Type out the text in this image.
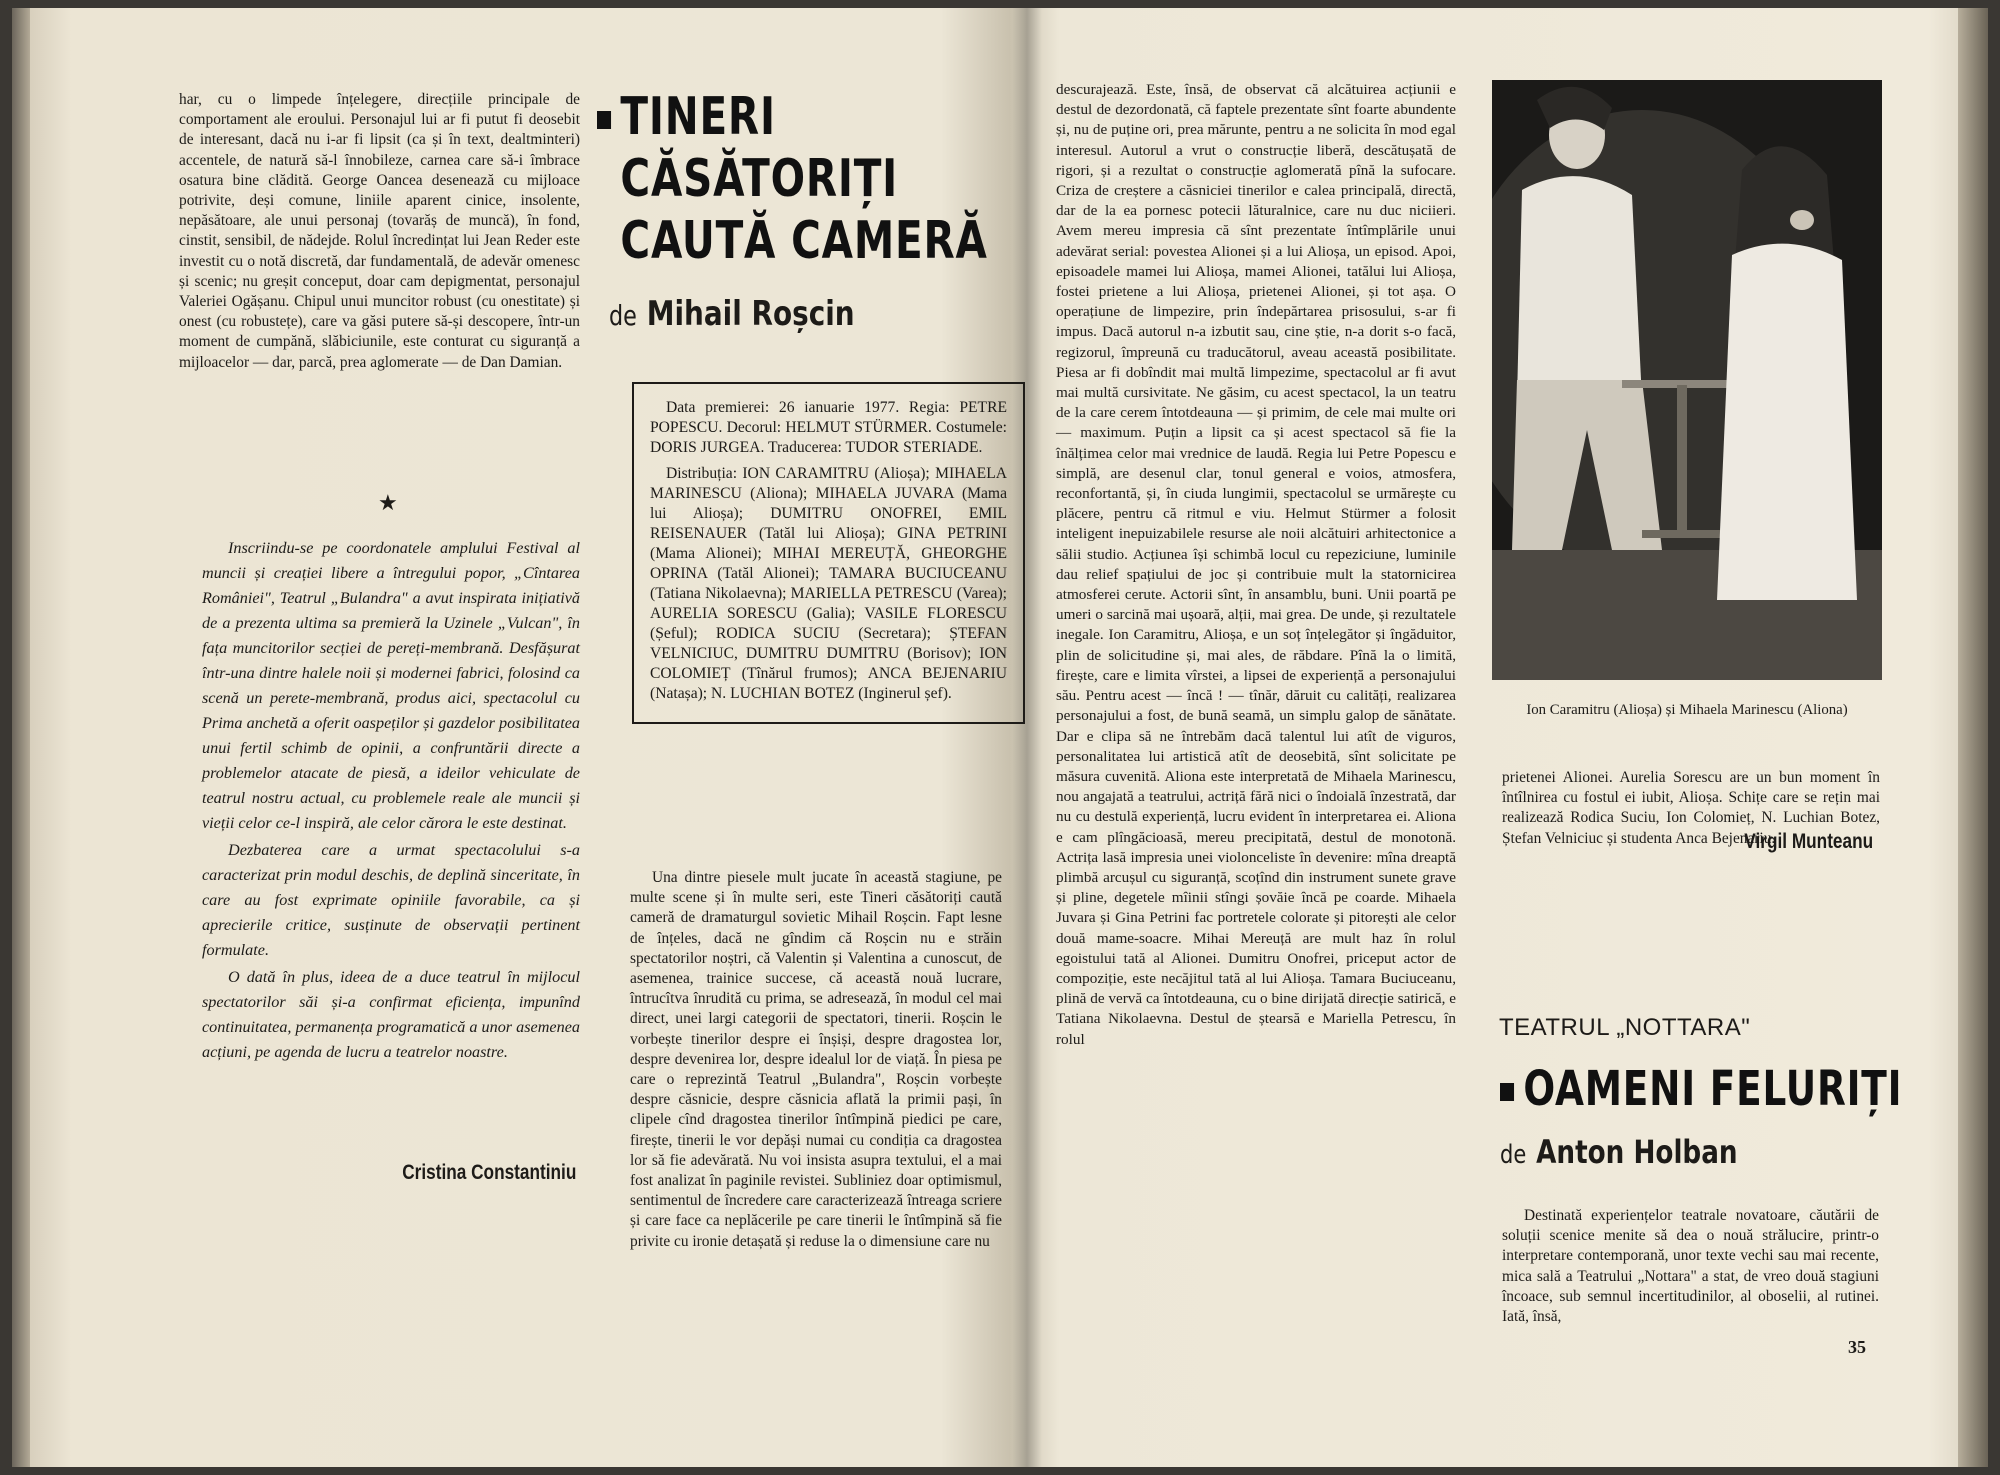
har, cu o limpede înțelegere, direcțiile principale de comportament ale eroului. Personajul lui ar fi putut fi deosebit de interesant, dacă nu i-ar fi lipsit (ca și în text, dealtminteri) accentele, de natură să-l înnobileze, carnea care să-i îmbrace osatura bine clădită. George Oancea desenează cu mijloace potrivite, deși comune, liniile aparent cinice, insolente, nepăsătoare, ale unui personaj (tovarăș de muncă), în fond, cinstit, sensibil, de nădejde. Rolul încredințat lui Jean Reder este investit cu o notă discretă, dar fundamentală, de adevăr omenesc și scenic; nu greșit conceput, doar cam depigmentat, personajul Valeriei Ogășanu. Chipul unui muncitor robust (cu onestitate) și onest (cu robustețe), care va găsi putere să-și descopere, într-un moment de cumpănă, slăbiciunile, este conturat cu siguranță a mijloacelor — dar, parcă, prea aglomerate — de Dan Damian.

★

Inscriindu-se pe coordonatele amplului Festival al muncii și creației libere a întregului popor, „Cîntarea României", Teatrul „Bulandra" a avut inspirata inițiativă de a prezenta ultima sa premieră la Uzinele „Vulcan", în fața muncitorilor secției de pereți-membrană. Desfășurat într-una dintre halele noii și modernei fabrici, folosind ca scenă un perete-membrană, produs aici, spectacolul cu Prima anchetă a oferit oaspeților și gazdelor posibilitatea unui fertil schimb de opinii, a confruntării directe a problemelor atacate de piesă, a ideilor vehiculate de teatrul nostru actual, cu problemele reale ale muncii și vieții celor ce-l inspiră, ale celor cărora le este destinat.

Dezbaterea care a urmat spectacolului s-a caracterizat prin modul deschis, de deplină sinceritate, în care au fost exprimate opiniile favorabile, ca și aprecierile critice, susținute de observații pertinent formulate.

O dată în plus, ideea de a duce teatrul în mijlocul spectatorilor săi și-a confirmat eficiența, impunînd continuitatea, permanența programatică a unor asemenea acțiuni, pe agenda de lucru a teatrelor noastre.

Cristina Constantiniu
TINERI
CĂSĂTORIȚI
CAUTĂ CAMERĂ
de Mihail Roșcin

Data premierei: 26 ianuarie 1977. Regia: PETRE POPESCU. Decorul: HELMUT STÜRMER. Costumele: DORIS JURGEA. Traducerea: TUDOR STERIADE.

Distribuția: ION CARAMITRU (Alioșa); MIHAELA MARINESCU (Aliona); MIHAELA JUVARA (Mama lui Alioșa); DUMITRU ONOFREI, EMIL REISENAUER (Tatăl lui Alioșa); GINA PETRINI (Mama Alionei); MIHAI MEREUȚĂ, GHEORGHE OPRINA (Tatăl Alionei); TAMARA BUCIUCEANU (Tatiana Nikolaevna); MARIELLA PETRESCU (Varea); AURELIA SORESCU (Galia); VASILE FLORESCU (Șeful); RODICA SUCIU (Secretara); ȘTEFAN VELNICIUC, DUMITRU DUMITRU (Borisov); ION COLOMIEȚ (Tînărul frumos); ANCA BEJENARIU (Natașa); N. LUCHIAN BOTEZ (Inginerul șef).

Una dintre piesele mult jucate în această stagiune, pe multe scene și în multe seri, este Tineri căsătoriți caută cameră de dramaturgul sovietic Mihail Roșcin. Fapt lesne de înțeles, dacă ne gîndim că Roșcin nu e străin spectatorilor noștri, că Valentin și Valentina a cunoscut, de asemenea, trainice succese, că această nouă lucrare, întrucîtva înrudită cu prima, se adresează, în modul cel mai direct, unei largi categorii de spectatori, tinerii. Roșcin le vorbește tinerilor despre ei înșiși, despre dragostea lor, despre devenirea lor, despre idealul lor de viață. În piesa pe care o reprezintă Teatrul „Bulandra", Roșcin vorbește despre căsnicie, despre căsnicia aflată la primii pași, în clipele cînd dragostea tinerilor întîmpină piedici pe care, firește, tinerii le vor depăși numai cu condiția ca dragostea lor să fie adevărată. Nu voi insista asupra textului, el a mai fost analizat în paginile revistei. Subliniez doar optimismul, sentimentul de încredere care caracterizează întreaga scriere și care face ca neplăcerile pe care tinerii le întîmpină să fie privite cu ironie detașată și reduse la o dimensiune care nu

descurajează. Este, însă, de observat că alcătuirea acțiunii e destul de dezordonată, că faptele prezentate sînt foarte abundente și, nu de puține ori, prea mărunte, pentru a ne solicita în mod egal interesul. Autorul a vrut o construcție liberă, descătușată de rigori, și a rezultat o construcție aglomerată pînă la sufocare. Criza de creștere a căsniciei tinerilor e calea principală, directă, dar de la ea pornesc potecii lăturalnice, care nu duc niciieri. Avem mereu impresia că sînt prezentate întîmplările unui adevărat serial: povestea Alionei și a lui Alioșa, un episod. Apoi, episoadele mamei lui Alioșa, mamei Alionei, tatălui lui Alioșa, fostei prietene a lui Alioșa, prietenei Alionei, și tot așa. O operațiune de limpezire, prin îndepărtarea prisosului, s-ar fi impus. Dacă autorul n-a izbutit sau, cine știe, n-a dorit s-o facă, regizorul, împreună cu traducătorul, aveau această posibilitate. Piesa ar fi dobîndit mai multă limpezime, spectacolul ar fi avut mai multă cursivitate. Ne găsim, cu acest spectacol, la un teatru de la care cerem întotdeauna — și primim, de cele mai multe ori — maximum. Puțin a lipsit ca și acest spectacol să fie la înălțimea celor mai vrednice de laudă. Regia lui Petre Popescu e simplă, are desenul clar, tonul general e voios, atmosfera, reconfortantă, și, în ciuda lungimii, spectacolul se urmărește cu plăcere, pentru că ritmul e viu. Helmut Stürmer a folosit inteligent inepuizabilele resurse ale noii alcătuiri arhitectonice a sălii studio. Acțiunea își schimbă locul cu repeziciune, luminile dau relief spațiului de joc și contribuie mult la statornicirea atmosferei cerute. Actorii sînt, în ansamblu, buni. Unii poartă pe umeri o sarcină mai ușoară, alții, mai grea. De unde, și rezultatele inegale. Ion Caramitru, Alioșa, e un soț înțelegător și îngăduitor, plin de solicitudine și, mai ales, de răbdare. Pînă la o limită, firește, care e limita vîrstei, a lipsei de experiență a personajului său. Pentru acest — încă ! — tînăr, dăruit cu calități, realizarea personajului a fost, de bună seamă, un simplu galop de sănătate. Dar e clipa să ne întrebăm dacă talentul lui atît de viguros, personalitatea lui artistică atît de deosebită, sînt solicitate pe măsura cuvenită. Aliona este interpretată de Mihaela Marinescu, nou angajată a teatrului, actriță fără nici o îndoială înzestrată, dar nu cu destulă experiență, lucru evident în interpretarea ei. Aliona e cam plîngăcioasă, mereu precipitată, destul de monotonă. Actrița lasă impresia unei violonceliste în devenire: mîna dreaptă plimbă arcușul cu siguranță, scoțînd din instrument sunete grave și pline, degetele mîinii stîngi șovăie încă pe coarde. Mihaela Juvara și Gina Petrini fac portretele colorate și pitorești ale celor două mame-soacre. Mihai Mereuță are mult haz în rolul egoistului tată al Alionei. Dumitru Onofrei, priceput actor de compoziție, este necăjitul tată al lui Alioșa. Tamara Buciuceanu, plină de vervă ca întotdeauna, cu o bine dirijată direcție satirică, e Tatiana Nikolaevna. Destul de ștearsă e Mariella Petrescu, în rolul

Ion Caramitru (Alioșa) și Mihaela Marinescu (Aliona)

prietenei Alionei. Aurelia Sorescu are un bun moment în întîlnirea cu fostul ei iubit, Alioșa. Schițe care se rețin mai realizează Rodica Suciu, Ion Colomieț, N. Luchian Botez, Ștefan Velniciuc și studenta Anca Bejenariu.

Virgil Munteanu
TEATRUL „NOTTARA"
OAMENI FELURIȚI
de Anton Holban

Destinată experiențelor teatrale novatoare, căutării de soluții scenice menite să dea o nouă strălucire, printr-o interpretare contemporană, unor texte vechi sau mai recente, mica sală a Teatrului „Nottara" a stat, de vreo două stagiuni încoace, sub semnul incertitudinilor, al oboselii, al rutinei. Iată, însă,

35
